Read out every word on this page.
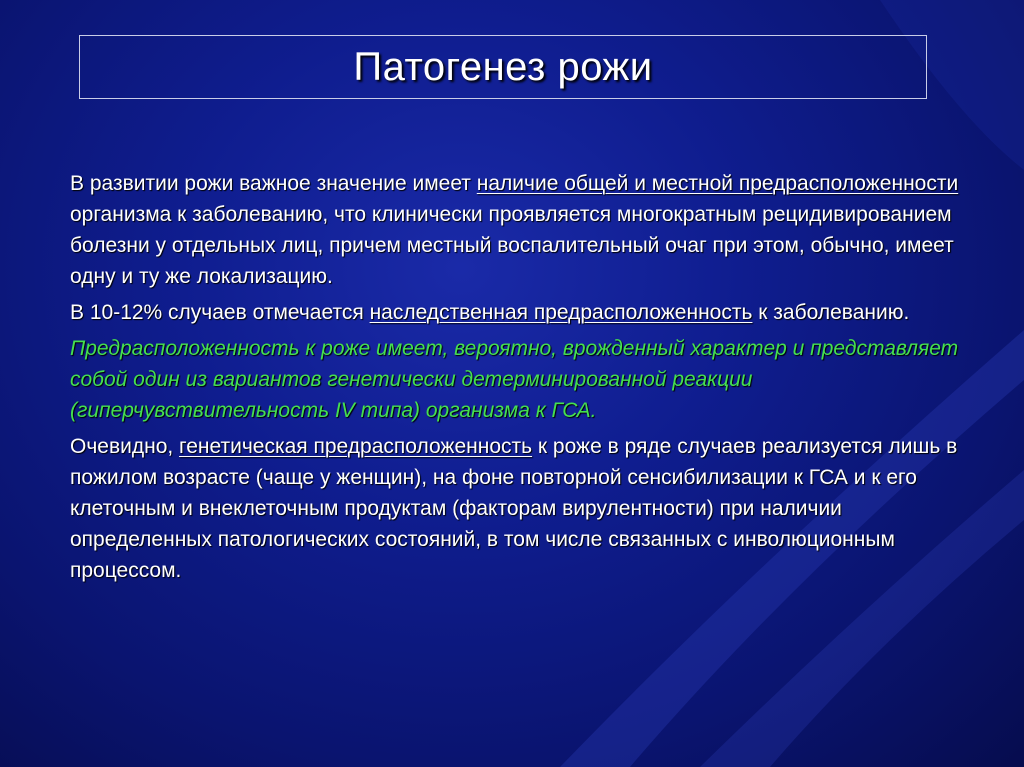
Патогенез рожи

В развитии рожи важное значение имеет наличие общей и местной предрасположенности организма к заболеванию, что клинически проявляется многократным рецидивированием болезни у отдельных лиц, причем местный воспалительный очаг при этом, обычно, имеет одну и ту же локализацию.

В 10-12% случаев отмечается наследственная предрасположенность к заболеванию.

Предрасположенность к роже имеет, вероятно, врожденный характер и представляет собой один из вариантов генетически детерминированной реакции (гиперчувствительность IV типа) организма к ГСА.

Очевидно, генетическая предрасположенность к роже в ряде случаев реализуется лишь в пожилом возрасте (чаще у женщин), на фоне повторной сенсибилизации к ГСА и к его клеточным и внеклеточным продуктам (факторам вирулентности) при наличии определенных патологических состояний, в том числе связанных с инволюционным процессом.
